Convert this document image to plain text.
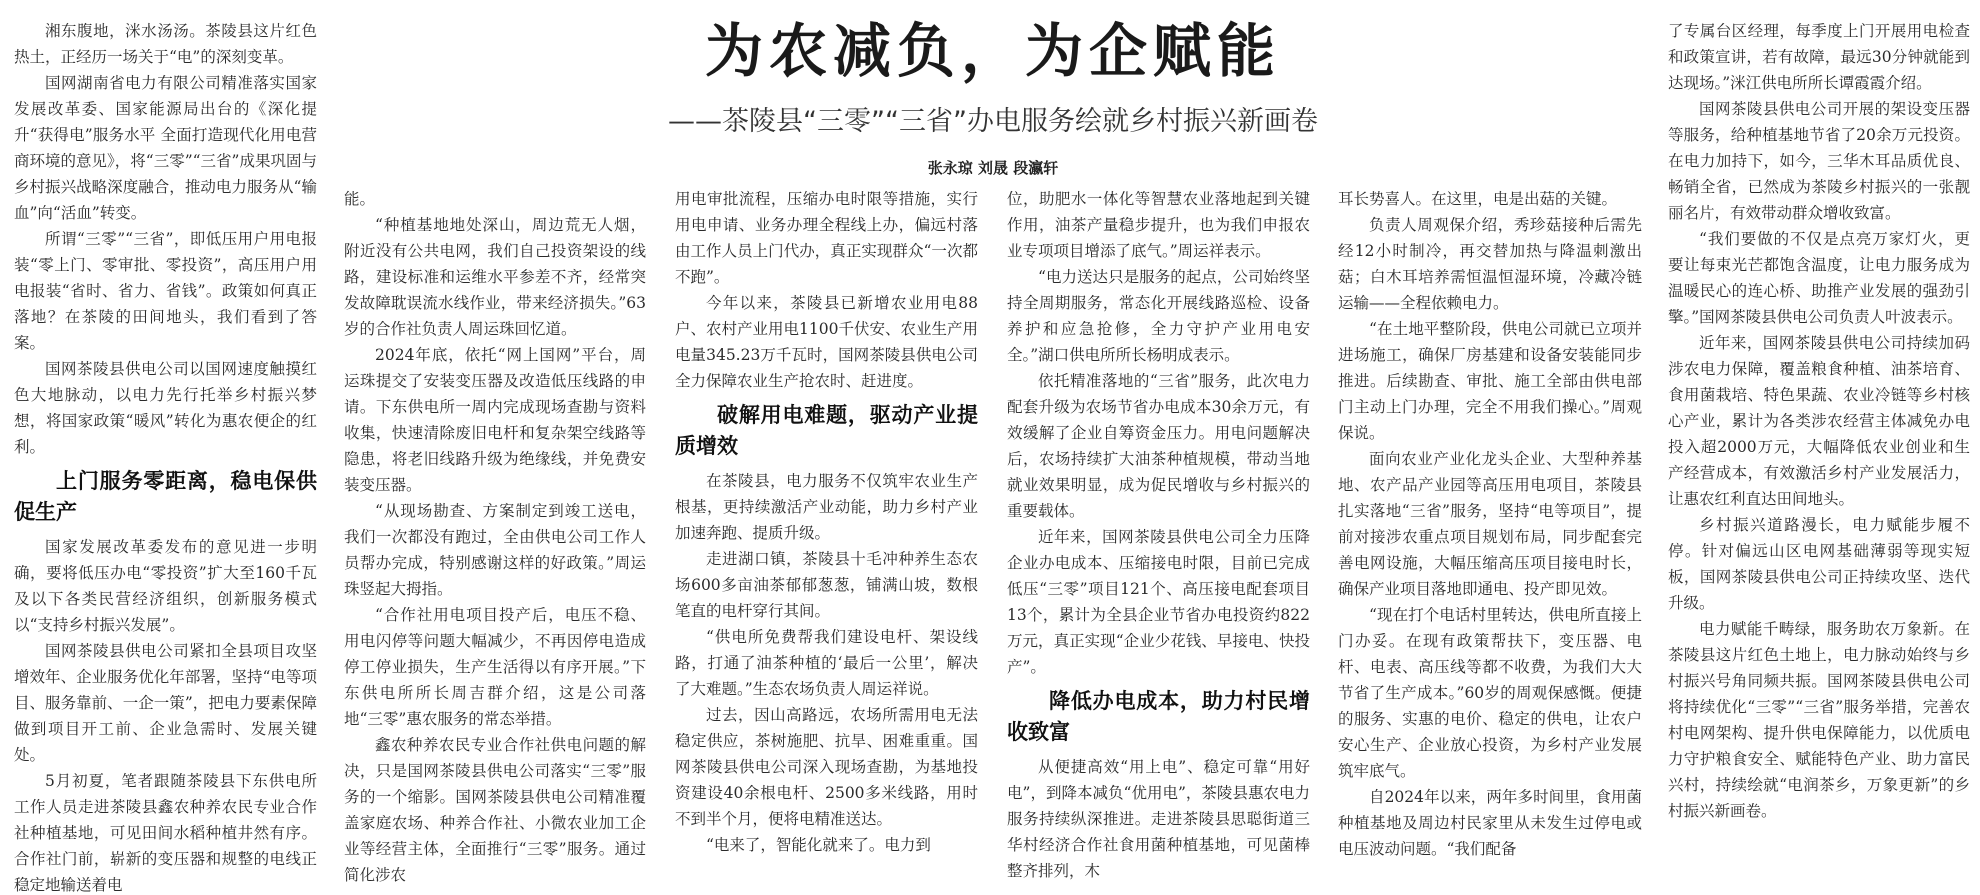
为农减负，为企赋能
——茶陵县“三零”“三省”办电服务绘就乡村振兴新画卷
张永琼 刘晟 段瀛轩

湘东腹地，洣水汤汤。茶陵县这片红色热土，正经历一场关于“电”的深刻变革。

国网湖南省电力有限公司精准落实国家发展改革委、国家能源局出台的《深化提升“获得电”服务水平 全面打造现代化用电营商环境的意见》，将“三零”“三省”成果巩固与乡村振兴战略深度融合，推动电力服务从“输血”向“活血”转变。

所谓“三零”“三省”，即低压用户用电报装“零上门、零审批、零投资”，高压用户用电报装“省时、省力、省钱”。政策如何真正落地？在茶陵的田间地头，我们看到了答案。

国网茶陵县供电公司以国网速度触摸红色大地脉动，以电力先行托举乡村振兴梦想，将国家政策“暖风”转化为惠农便企的红利。

上门服务零距离，稳电保供促生产

国家发展改革委发布的意见进一步明确，要将低压办电“零投资”扩大至160千瓦及以下各类民营经济组织，创新服务模式以“支持乡村振兴发展”。

国网茶陵县供电公司紧扣全县项目攻坚增效年、企业服务优化年部署，坚持“电等项目、服务靠前、一企一策”，把电力要素保障做到项目开工前、企业急需时、发展关键处。

5月初夏，笔者跟随茶陵县下东供电所工作人员走进茶陵县鑫农种养农民专业合作社种植基地，可见田间水稻种植井然有序。合作社门前，崭新的变压器和规整的电线正稳定地输送着电

能。

“种植基地地处深山，周边荒无人烟，附近没有公共电网，我们自己投资架设的线路，建设标准和运维水平参差不齐，经常突发故障耽误流水线作业，带来经济损失。”63岁的合作社负责人周运珠回忆道。

2024年底，依托“网上国网”平台，周运珠提交了安装变压器及改造低压线路的申请。下东供电所一周内完成现场查勘与资料收集，快速清除废旧电杆和复杂架空线路等隐患，将老旧线路升级为绝缘线，并免费安装变压器。

“从现场勘查、方案制定到竣工送电，我们一次都没有跑过，全由供电公司工作人员帮办完成，特别感谢这样的好政策。”周运珠竖起大拇指。

“合作社用电项目投产后，电压不稳、用电闪停等问题大幅减少，不再因停电造成停工停业损失，生产生活得以有序开展。”下东供电所所长周吉群介绍，这是公司落地“三零”惠农服务的常态举措。

鑫农种养农民专业合作社供电问题的解决，只是国网茶陵县供电公司落实“三零”服务的一个缩影。国网茶陵县供电公司精准覆盖家庭农场、种养合作社、小微农业加工企业等经营主体，全面推行“三零”服务。通过简化涉农

用电审批流程，压缩办电时限等措施，实行用电申请、业务办理全程线上办，偏远村落由工作人员上门代办，真正实现群众“一次都不跑”。

今年以来，茶陵县已新增农业用电88户、农村产业用电1100千伏安、农业生产用电量345.23万千瓦时，国网茶陵县供电公司全力保障农业生产抢农时、赶进度。

破解用电难题，驱动产业提质增效

在茶陵县，电力服务不仅筑牢农业生产根基，更持续激活产业动能，助力乡村产业加速奔跑、提质升级。

走进湖口镇，茶陵县十毛冲种养生态农场600多亩油茶郁郁葱葱，铺满山坡，数根笔直的电杆穿行其间。

“供电所免费帮我们建设电杆、架设线路，打通了油茶种植的‘最后一公里’，解决了大难题。”生态农场负责人周运祥说。

过去，因山高路远，农场所需用电无法稳定供应，茶树施肥、抗旱、困难重重。国网茶陵县供电公司深入现场查勘，为基地投资建设40余根电杆、2500多米线路，用时不到半个月，便将电精准送达。

“电来了，智能化就来了。电力到

位，助肥水一体化等智慧农业落地起到关键作用，油茶产量稳步提升，也为我们申报农业专项项目增添了底气。”周运祥表示。

“电力送达只是服务的起点，公司始终坚持全周期服务，常态化开展线路巡检、设备养护和应急抢修，全力守护产业用电安全。”湖口供电所所长杨明成表示。

依托精准落地的“三省”服务，此次电力配套升级为农场节省办电成本30余万元，有效缓解了企业自筹资金压力。用电问题解决后，农场持续扩大油茶种植规模，带动当地就业效果明显，成为促民增收与乡村振兴的重要载体。

近年来，国网茶陵县供电公司全力压降企业办电成本、压缩接电时限，目前已完成低压“三零”项目121个、高压接电配套项目13个，累计为全县企业节省办电投资约822万元，真正实现“企业少花钱、早接电、快投产”。

降低办电成本，助力村民增收致富

从便捷高效“用上电”、稳定可靠“用好电”，到降本减负“优用电”，茶陵县惠农电力服务持续纵深推进。走进茶陵县思聪街道三华村经济合作社食用菌种植基地，可见菌棒整齐排列，木

耳长势喜人。在这里，电是出菇的关键。

负责人周观保介绍，秀珍菇接种后需先经12小时制冷，再交替加热与降温刺激出菇；白木耳培养需恒温恒湿环境，冷藏冷链运输——全程依赖电力。

“在土地平整阶段，供电公司就已立项并进场施工，确保厂房基建和设备安装能同步推进。后续勘查、审批、施工全部由供电部门主动上门办理，完全不用我们操心。”周观保说。

面向农业产业化龙头企业、大型种养基地、农产品产业园等高压用电项目，茶陵县扎实落地“三省”服务，坚持“电等项目”，提前对接涉农重点项目规划布局，同步配套完善电网设施，大幅压缩高压项目接电时长，确保产业项目落地即通电、投产即见效。

“现在打个电话村里转达，供电所直接上门办妥。在现有政策帮扶下，变压器、电杆、电表、高压线等都不收费，为我们大大节省了生产成本。”60岁的周观保感慨。便捷的服务、实惠的电价、稳定的供电，让农户安心生产、企业放心投资，为乡村产业发展筑牢底气。

自2024年以来，两年多时间里，食用菌种植基地及周边村民家里从未发生过停电或电压波动问题。“我们配备

了专属台区经理，每季度上门开展用电检查和政策宣讲，若有故障，最远30分钟就能到达现场。”洣江供电所所长谭霞霞介绍。

国网茶陵县供电公司开展的架设变压器等服务，给种植基地节省了20余万元投资。在电力加持下，如今，三华木耳品质优良、畅销全省，已然成为茶陵乡村振兴的一张靓丽名片，有效带动群众增收致富。

“我们要做的不仅是点亮万家灯火，更要让每束光芒都饱含温度，让电力服务成为温暖民心的连心桥、助推产业发展的强劲引擎。”国网茶陵县供电公司负责人叶波表示。

近年来，国网茶陵县供电公司持续加码涉农电力保障，覆盖粮食种植、油茶培育、食用菌栽培、特色果蔬、农业冷链等乡村核心产业，累计为各类涉农经营主体减免办电投入超2000万元，大幅降低农业创业和生产经营成本，有效激活乡村产业发展活力，让惠农红利直达田间地头。

乡村振兴道路漫长，电力赋能步履不停。针对偏远山区电网基础薄弱等现实短板，国网茶陵县供电公司正持续攻坚、迭代升级。

电力赋能千畴绿，服务助农万象新。在茶陵县这片红色土地上，电力脉动始终与乡村振兴号角同频共振。国网茶陵县供电公司将持续优化“三零”“三省”服务举措，完善农村电网架构、提升供电保障能力，以优质电力守护粮食安全、赋能特色产业、助力富民兴村，持续绘就“电润茶乡，万象更新”的乡村振兴新画卷。
